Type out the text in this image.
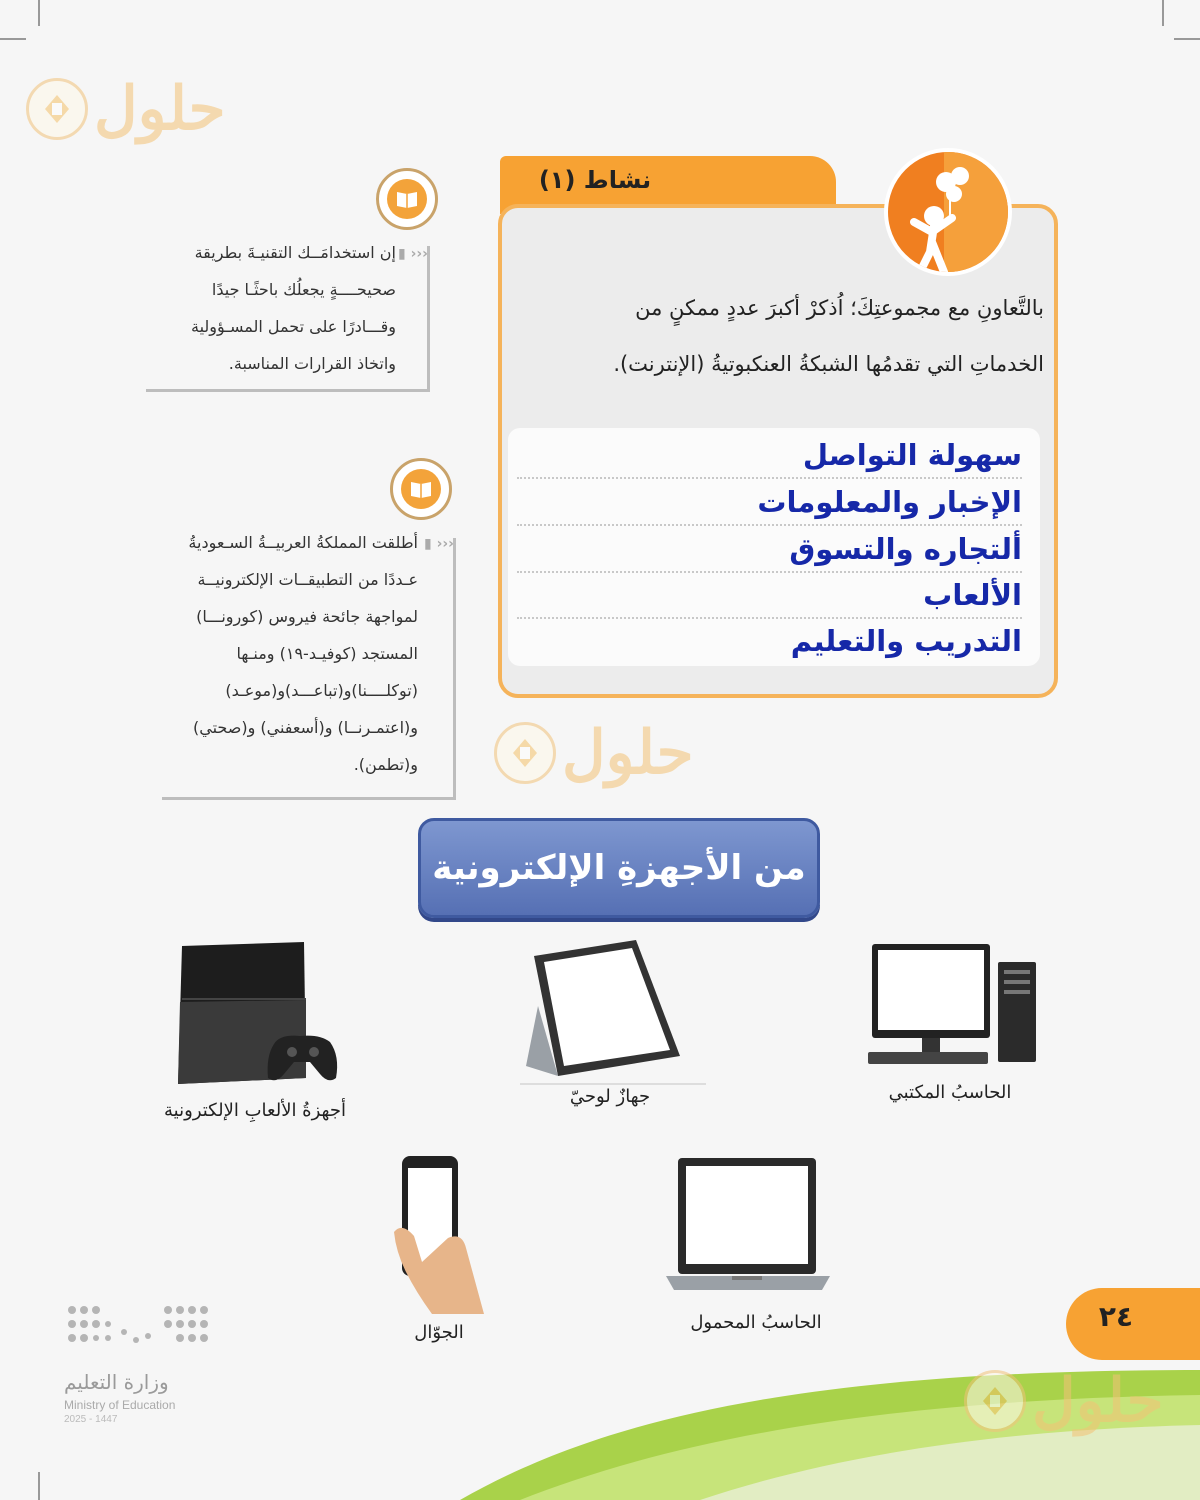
حلول
حلول
حلول
نشاط (١)

بالتَّعاونِ مع مجموعتِكَ؛ اُذكرْ أكبرَ عددٍ ممكنٍ من

الخدماتِ التي تقدمُها الشبكةُ العنكبوتيةُ (الإنترنت).

سهولة التواصل
الإخبار والمعلومات
ألتجاره والتسوق
الألعاب
التدريب والتعليم
‹‹‹ ▮

إن استخدامَــك التقنيـةَ بطريقة

صحيحــــةٍ يجعلُك باحثًـا جيدًا

وقـــادرًا على تحمل المسـؤولية

واتخاذ القرارات المناسبة.

‹‹‹ ▮

أطلقت المملكةُ العربيــةُ السـعوديةُ

عـددًا من التطبيقــات الإلكترونيــة

لمواجهة جائحة فيروس (كورونـــا)

المستجد (كوفيـد-١٩) ومنـها

(توكلــــنا)و(تباعـــد)و(موعـد)

و(اعتمـرنــا) و(أسعفني) و(صحتي)

و(تطمن).

من الأجهزةِ الإلكترونية
الحاسبُ المكتبي
جهازٌ لوحيّ
أجهزةُ الألعابِ الإلكترونية
الحاسبُ المحمول
الجوّال	٢٤
وزارة التعليم
Ministry of Education
2025 - 1447
